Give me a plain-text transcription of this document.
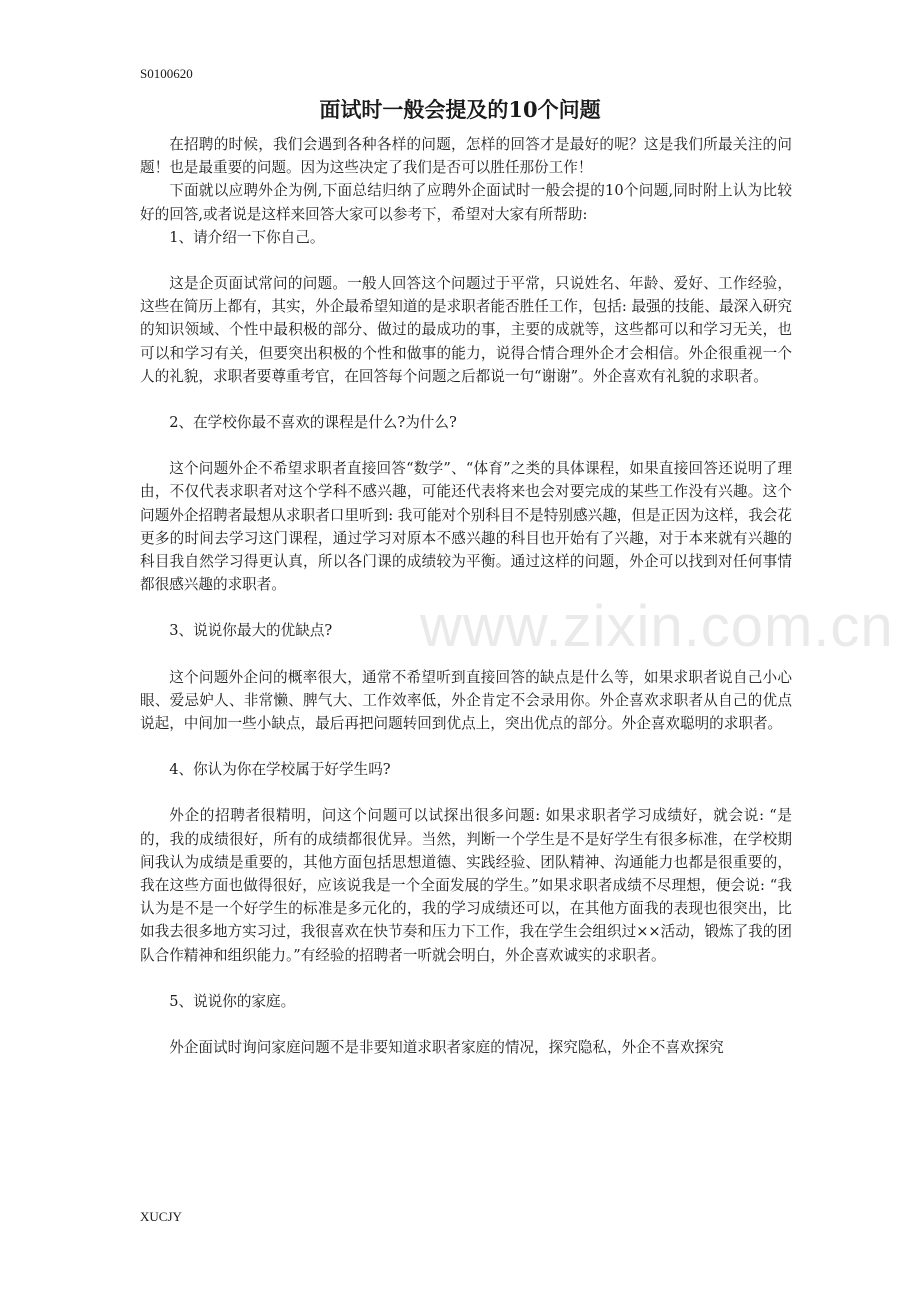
S0100620
面试时一般会提及的10个问题

在招聘的时候，我们会遇到各种各样的问题，怎样的回答才是最好的呢？这是我们所最关注的问题！也是最重要的问题。因为这些决定了我们是否可以胜任那份工作！

下面就以应聘外企为例,下面总结归纳了应聘外企面试时一般会提的10个问题,同时附上认为比较好的回答,或者说是这样来回答大家可以参考下，希望对大家有所帮助:

1、请介绍一下你自己。

这是企页面试常问的问题。一般人回答这个问题过于平常，只说姓名、年龄、爱好、工作经验，这些在简历上都有，其实，外企最希望知道的是求职者能否胜任工作，包括: 最强的技能、最深入研究的知识领域、个性中最积极的部分、做过的最成功的事，主要的成就等，这些都可以和学习无关，也可以和学习有关，但要突出积极的个性和做事的能力，说得合情合理外企才会相信。外企很重视一个人的礼貌，求职者要尊重考官，在回答每个问题之后都说一句“谢谢”。外企喜欢有礼貌的求职者。

2、在学校你最不喜欢的课程是什么?为什么?

这个问题外企不希望求职者直接回答“数学”、“体育”之类的具体课程，如果直接回答还说明了理由，不仅代表求职者对这个学科不感兴趣，可能还代表将来也会对要完成的某些工作没有兴趣。这个问题外企招聘者最想从求职者口里听到: 我可能对个别科目不是特别感兴趣，但是正因为这样，我会花更多的时间去学习这门课程，通过学习对原本不感兴趣的科目也开始有了兴趣，对于本来就有兴趣的科目我自然学习得更认真，所以各门课的成绩较为平衡。通过这样的问题，外企可以找到对任何事情都很感兴趣的求职者。

3、说说你最大的优缺点?

这个问题外企问的概率很大，通常不希望听到直接回答的缺点是什么等，如果求职者说自己小心眼、爱忌妒人、非常懒、脾气大、工作效率低，外企肯定不会录用你。外企喜欢求职者从自己的优点说起，中间加一些小缺点，最后再把问题转回到优点上，突出优点的部分。外企喜欢聪明的求职者。

4、你认为你在学校属于好学生吗?

外企的招聘者很精明，问这个问题可以试探出很多问题: 如果求职者学习成绩好，就会说: “是的，我的成绩很好，所有的成绩都很优异。当然，判断一个学生是不是好学生有很多标准，在学校期间我认为成绩是重要的，其他方面包括思想道德、实践经验、团队精神、沟通能力也都是很重要的，我在这些方面也做得很好，应该说我是一个全面发展的学生。”如果求职者成绩不尽理想，便会说: “我认为是不是一个好学生的标准是多元化的，我的学习成绩还可以，在其他方面我的表现也很突出，比如我去很多地方实习过，我很喜欢在快节奏和压力下工作，我在学生会组织过××活动，锻炼了我的团队合作精神和组织能力。”有经验的招聘者一听就会明白，外企喜欢诚实的求职者。

5、说说你的家庭。

外企面试时询问家庭问题不是非要知道求职者家庭的情况，探究隐私，外企不喜欢探究

www.zixin.com.cn
XUCJY
